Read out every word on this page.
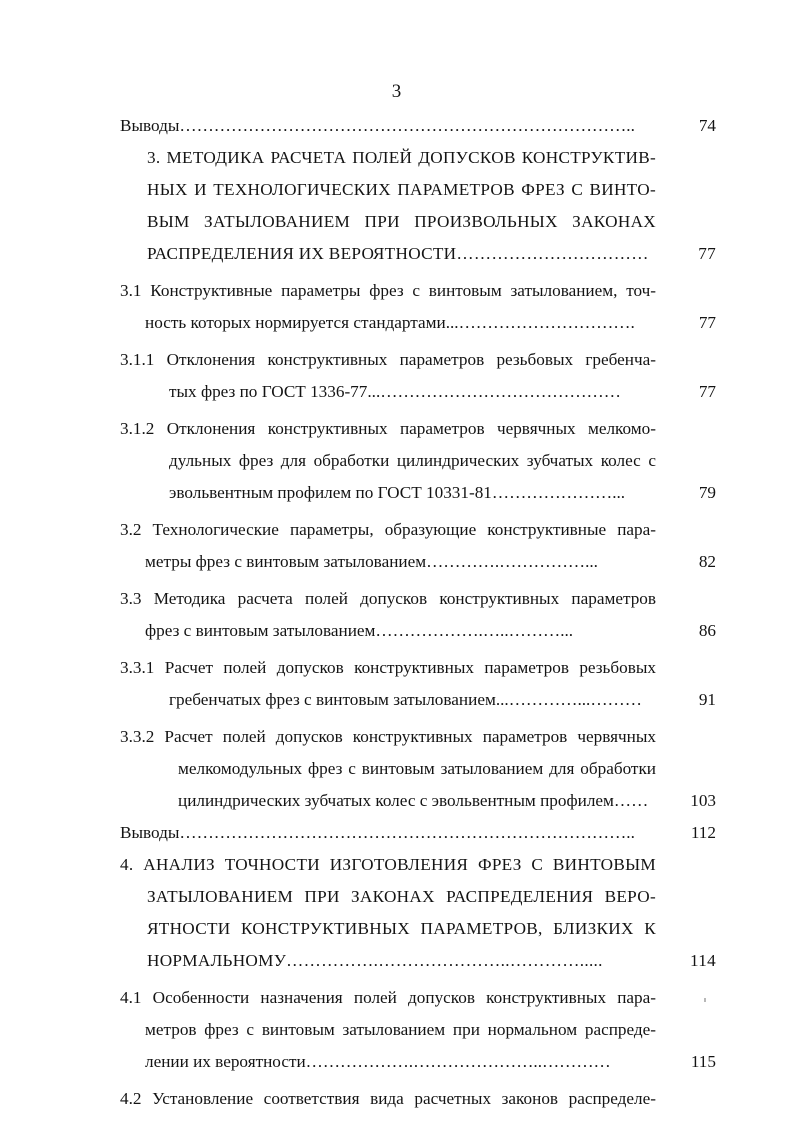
3
Выводы……………………………………………………………………..	74
3. МЕТОДИКА РАСЧЕТА ПОЛЕЙ ДОПУСКОВ КОНСТРУКТИВ-
НЫХ И ТЕХНОЛОГИЧЕСКИХ ПАРАМЕТРОВ ФРЕЗ С ВИНТО-
ВЫМ ЗАТЫЛОВАНИЕМ ПРИ ПРОИЗВОЛЬНЫХ ЗАКОНАХ
РАСПРЕДЕЛЕНИЯ ИХ ВЕРОЯТНОСТИ……………………………	77
3.1 Конструктивные параметры фрез с винтовым затылованием, точ-
ность которых нормируется стандартами...………………………….	77
3.1.1 Отклонения конструктивных параметров резьбовых гребенча-
тых фрез по ГОСТ 1336-77...……………………………………	77
3.1.2 Отклонения конструктивных параметров червячных мелкомо-
дульных фрез для обработки цилиндрических зубчатых колес с
эвольвентным профилем по ГОСТ 10331-81…………………...	79
3.2 Технологические параметры, образующие конструктивные пара-
метры фрез с винтовым затылованием………….……………...	82
3.3 Методика расчета полей допусков конструктивных параметров
фрез с винтовым затылованием……………….…..………...	86
3.3.1 Расчет полей допусков конструктивных параметров резьбовых
гребенчатых фрез с винтовым затылованием...…………...………	91
3.3.2 Расчет полей допусков конструктивных параметров червячных
мелкомодульных фрез с винтовым затылованием для обработки
цилиндрических зубчатых колес с эвольвентным профилем……	103
Выводы……………………………………………………………………..	112
4. АНАЛИЗ ТОЧНОСТИ ИЗГОТОВЛЕНИЯ ФРЕЗ С ВИНТОВЫМ
ЗАТЫЛОВАНИЕМ ПРИ ЗАКОНАХ РАСПРЕДЕЛЕНИЯ ВЕРО-
ЯТНОСТИ КОНСТРУКТИВНЫХ ПАРАМЕТРОВ, БЛИЗКИХ К
НОРМАЛЬНОМУ…………….…………………..………….....	114
4.1 Особенности назначения полей допусков конструктивных пара-
метров фрез с винтовым затылованием при нормальном распреде-
лении их вероятности……………….…………………..…………	115
4.2 Установление соответствия вида расчетных законов распределе-
